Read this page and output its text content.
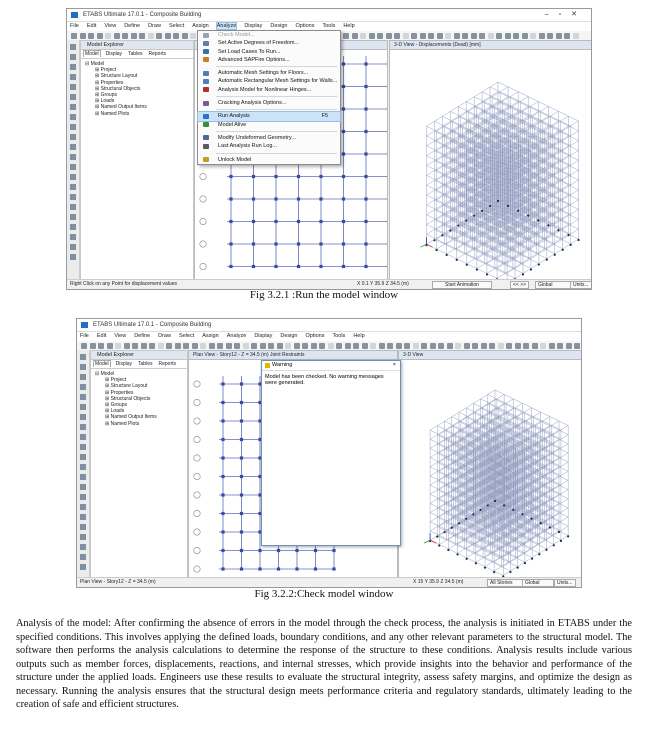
ETABS Ultimate 17.0.1 - Composite Building	–▫✕
File Edit View Define Draw Select Assign Analyze Display Design Options Tools Help
Model Explorer
Model Display Tables Reports
⊟ Model
⊞ Project
⊞ Structure Layout
⊞ Properties
⊞ Structural Objects
⊞ Groups
⊞ Loads
⊞ Named Output Items
⊞ Named Plots
3-D View - Displacements (Dead) [mm]
Right Click on any Point for displacement values	X 0.1 Y 35.9 Z 34.5 (m)	Start Animation	<< >>	Global	Units...
Check Model...
Set Active Degrees of Freedom...
Set Load Cases To Run...
Advanced SAPFire Options...
Automatic Mesh Settings for Floors...
Automatic Rectangular Mesh Settings for Walls...
Analysis Model for Nonlinear Hinges...
Cracking Analysis Options...
Run Analysis	F5
Model Alive
Modify Undeformed Geometry...
Last Analysis Run Log...
Unlock Model
Fig 3.2.1 :Run the model window
ETABS Ultimate 17.0.1 - Composite Building
File Edit View Define Draw Select Assign Analyze Display Design Options Tools Help
Model Explorer
Model Display Tables Reports
⊟ Model
⊞ Project
⊞ Structure Layout
⊞ Properties
⊞ Structural Objects
⊞ Groups
⊞ Loads
⊞ Named Output Items
⊞ Named Plots
Plan View - Story12 - Z = 34.5 (m) Joint Restraints	3-D View
Warning	×
Model has been checked. No warning messages were generated.
Plan View - Story12 - Z = 34.5 (m)	X 15 Y 35.9 Z 34.5 (m)	All Stories	Global	Units...
Fig 3.2.2:Check model window

Analysis of the model: After confirming the absence of errors in the model through the check process, the analysis is initiated in ETABS under the specified conditions. This involves applying the defined loads, boundary conditions, and any other relevant parameters to the structural model. The software then performs the analysis calculations to determine the response of the structure to these conditions. Analysis results include various outputs such as member forces, displacements, reactions, and internal stresses, which provide insights into the behavior and performance of the structure under the applied loads. Engineers use these results to evaluate the structural integrity, assess safety margins, and optimize the design as necessary. Running the analysis ensures that the structural design meets performance criteria and regulatory standards, ultimately leading to the creation of safe and efficient structures.
